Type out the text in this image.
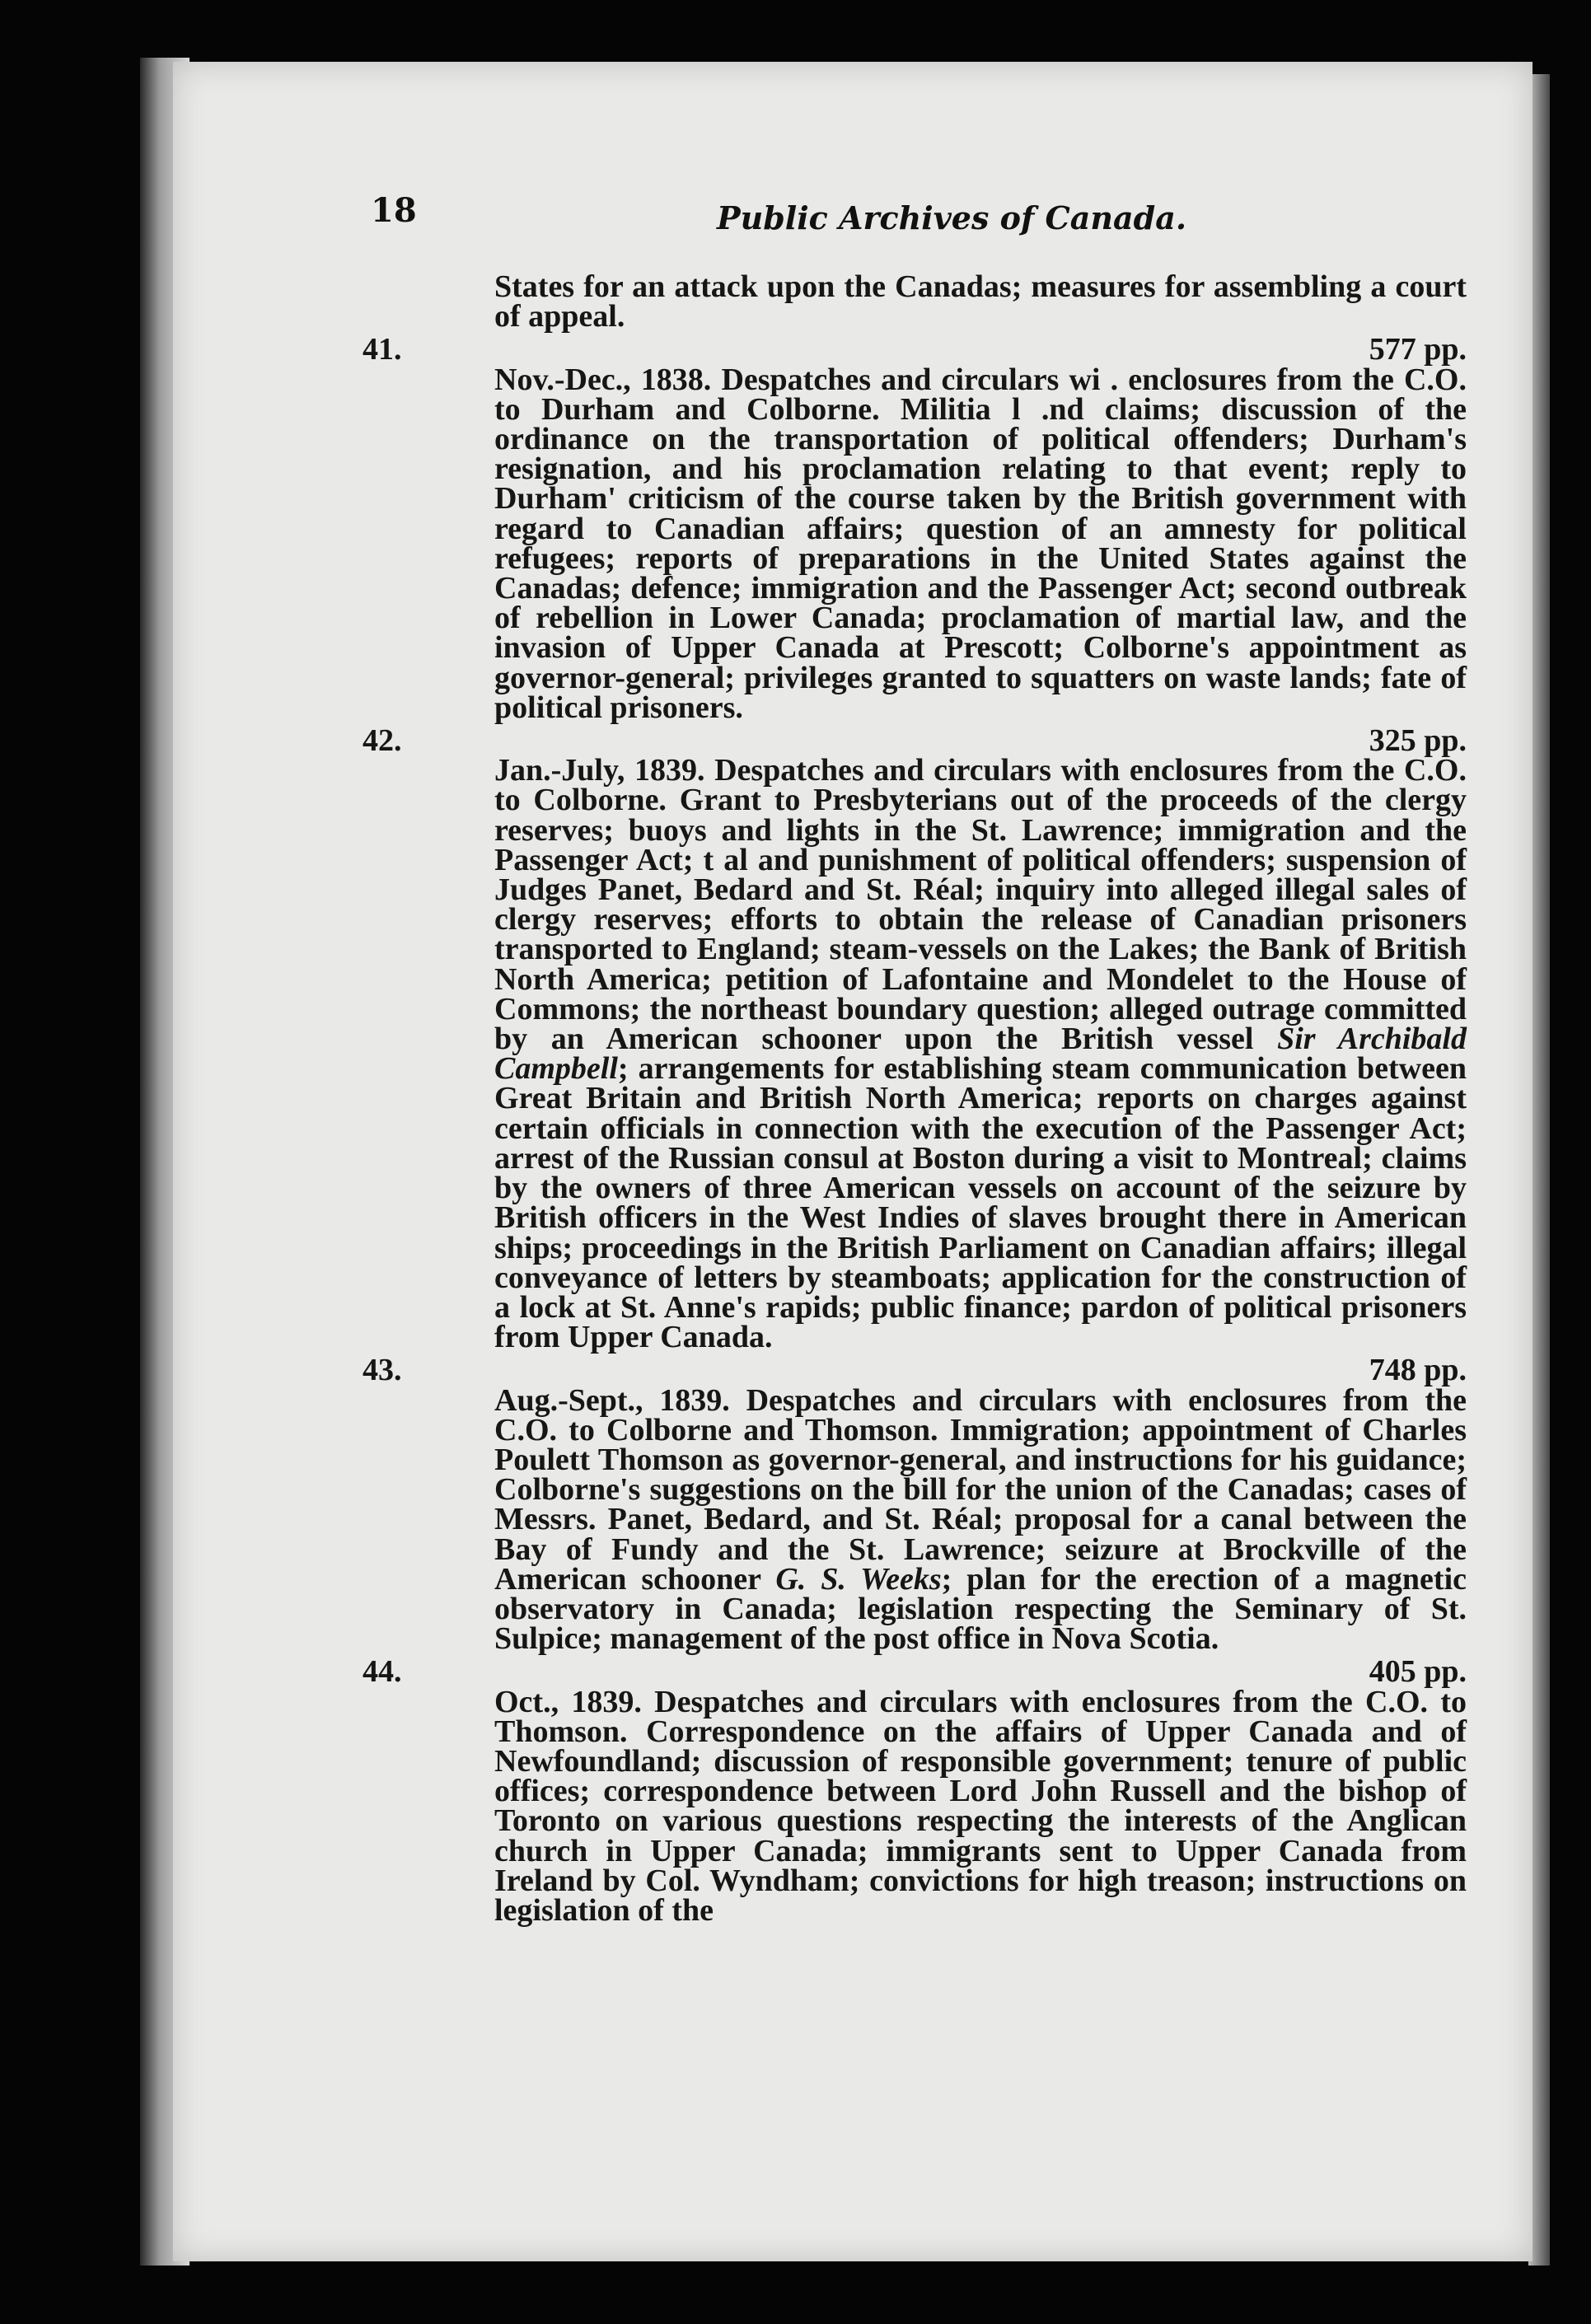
18	Public Archives of Canada.
States for an attack upon the Canadas; measures for assembling a court of appeal.
577 pp.
41.
Nov.-Dec., 1838. Despatches and circulars wi . enclosures from the C.O. to Durham and Colborne. Militia l .nd claims; discussion of the ordinance on the transportation of political offenders; Durham's resignation, and his proclamation relating to that event; reply to Durham' criticism of the course taken by the British government with regard to Canadian affairs; question of an amnesty for political refugees; reports of preparations in the United States against the Canadas; defence; immigration and the Passenger Act; second outbreak of rebellion in Lower Canada; proclamation of martial law, and the invasion of Upper Canada at Prescott; Colborne's appointment as governor-general; privileges granted to squatters on waste lands; fate of political prisoners.
325 pp.
42.
Jan.-July, 1839. Despatches and circulars with enclosures from the C.O. to Colborne. Grant to Presbyterians out of the proceeds of the clergy reserves; buoys and lights in the St. Lawrence; immigration and the Passenger Act; t al and punishment of political offenders; suspension of Judges Panet, Bedard and St. Réal; inquiry into alleged illegal sales of clergy reserves; efforts to obtain the release of Canadian prisoners transported to England; steam-vessels on the Lakes; the Bank of British North America; petition of Lafontaine and Mondelet to the House of Commons; the northeast boundary question; alleged outrage committed by an American schooner upon the British vessel Sir Archibald Campbell; arrangements for establishing steam communication between Great Britain and British North America; reports on charges against certain officials in connection with the execution of the Passenger Act; arrest of the Russian consul at Boston during a visit to Montreal; claims by the owners of three American vessels on account of the seizure by British officers in the West Indies of slaves brought there in American ships; proceedings in the British Parliament on Canadian affairs; illegal conveyance of letters by steamboats; application for the construction of a lock at St. Anne's rapids; public finance; pardon of political prisoners from Upper Canada.
748 pp.
43.
Aug.-Sept., 1839. Despatches and circulars with enclosures from the C.O. to Colborne and Thomson. Immigration; appointment of Charles Poulett Thomson as governor-general, and instructions for his guidance; Colborne's suggestions on the bill for the union of the Canadas; cases of Messrs. Panet, Bedard, and St. Réal; proposal for a canal between the Bay of Fundy and the St. Lawrence; seizure at Brockville of the American schooner G. S. Weeks; plan for the erection of a magnetic observatory in Canada; legislation respecting the Seminary of St. Sulpice; management of the post office in Nova Scotia.
405 pp.
44.
Oct., 1839. Despatches and circulars with enclosures from the C.O. to Thomson. Correspondence on the affairs of Upper Canada and of Newfoundland; discussion of responsible government; tenure of public offices; correspondence between Lord John Russell and the bishop of Toronto on various questions respecting the interests of the Anglican church in Upper Canada; immigrants sent to Upper Canada from Ireland by Col. Wyndham; convictions for high treason; instructions on legislation of the
